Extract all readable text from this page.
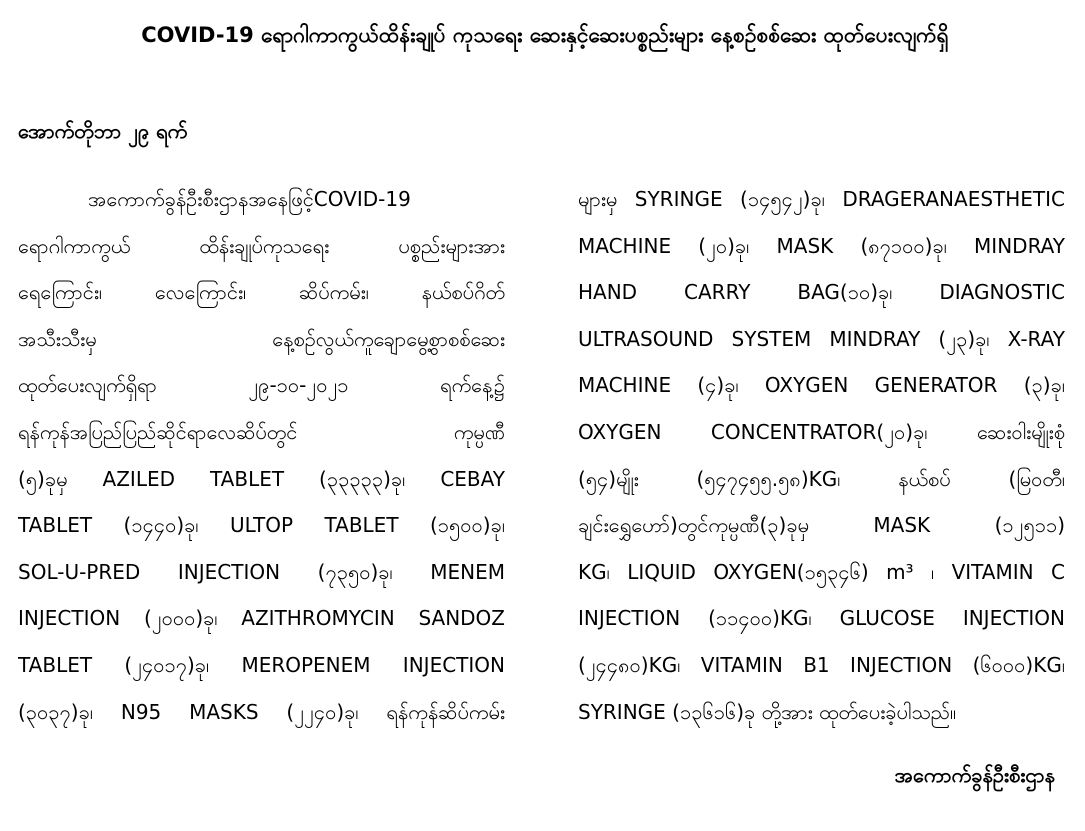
COVID-19 ရောဂါကာကွယ်ထိန်းချုပ် ကုသရေး ဆေးနှင့်ဆေးပစ္စည်းများ နေ့စဉ်စစ်ဆေး ထုတ်ပေးလျက်ရှိ
အောက်တိုဘာ ၂၉ ရက်
အကောက်ခွန်ဦးစီးဌာနအနေဖြင့်COVID-19
ရောဂါကာကွယ် ထိန်းချုပ်ကုသရေး ပစ္စည်းများအား
ရေကြောင်း၊ လေကြောင်း၊ ဆိပ်ကမ်း၊ နယ်စပ်ဂိတ်
အသီးသီးမှ နေ့စဉ်လွယ်ကူချောမွေ့စွာစစ်ဆေး
ထုတ်ပေးလျက်ရှိရာ ၂၉-၁၀-၂၀၂၁ ရက်နေ့၌
ရန်ကုန်အပြည်ပြည်ဆိုင်ရာလေဆိပ်တွင် ကုမ္ပဏီ
(၅)ခုမှ AZILED TABLET (၃၃၃၃၃)ခု၊ CEBAY
TABLET (၁၄၄၀)ခု၊ ULTOP TABLET (၁၅၀၀)ခု၊
SOL-U-PRED INJECTION (၇၃၅၀)ခု၊ MENEM
INJECTION (၂၀၀၀)ခု၊ AZITHROMYCIN SANDOZ
TABLET (၂၄၀၁၇)ခု၊ MEROPENEM INJECTION
(၃၀၃၇)ခု၊ N95 MASKS (၂၂၄၀)ခု၊ ရန်ကုန်ဆိပ်ကမ်း
များမှ SYRINGE (၁၄၅၄၂)ခု၊ DRAGERANAESTHETIC
MACHINE (၂၀)ခု၊ MASK (၈၇၁၀၀)ခု၊ MINDRAY
HAND CARRY BAG(၁၀)ခု၊ DIAGNOSTIC
ULTRASOUND SYSTEM MINDRAY (၂၃)ခု၊ X-RAY
MACHINE (၄)ခု၊ OXYGEN GENERATOR (၃)ခု၊
OXYGEN CONCENTRATOR(၂၀)ခု၊ ဆေးဝါးမျိုးစုံ
(၅၄)မျိုး (၅၄၇၄၅၅.၅၈)KG၊ နယ်စပ် (မြဝတီ၊
ချင်းရွှေဟော်)တွင်ကုမ္ပဏီ(၃)ခုမှ MASK (၁၂၅၁၁)
KG၊ LIQUID OXYGEN(၁၅၃၄၆) m³ ၊ VITAMIN C
INJECTION (၁၁၄၀၀)KG၊ GLUCOSE INJECTION
(၂၄၄၈၀)KG၊ VITAMIN B1 INJECTION (၆၀၀၀)KG၊
SYRINGE (၁၃၆၁၆)ခု တို့အား ထုတ်ပေးခဲ့ပါသည်။
အကောက်ခွန်ဦးစီးဌာန
